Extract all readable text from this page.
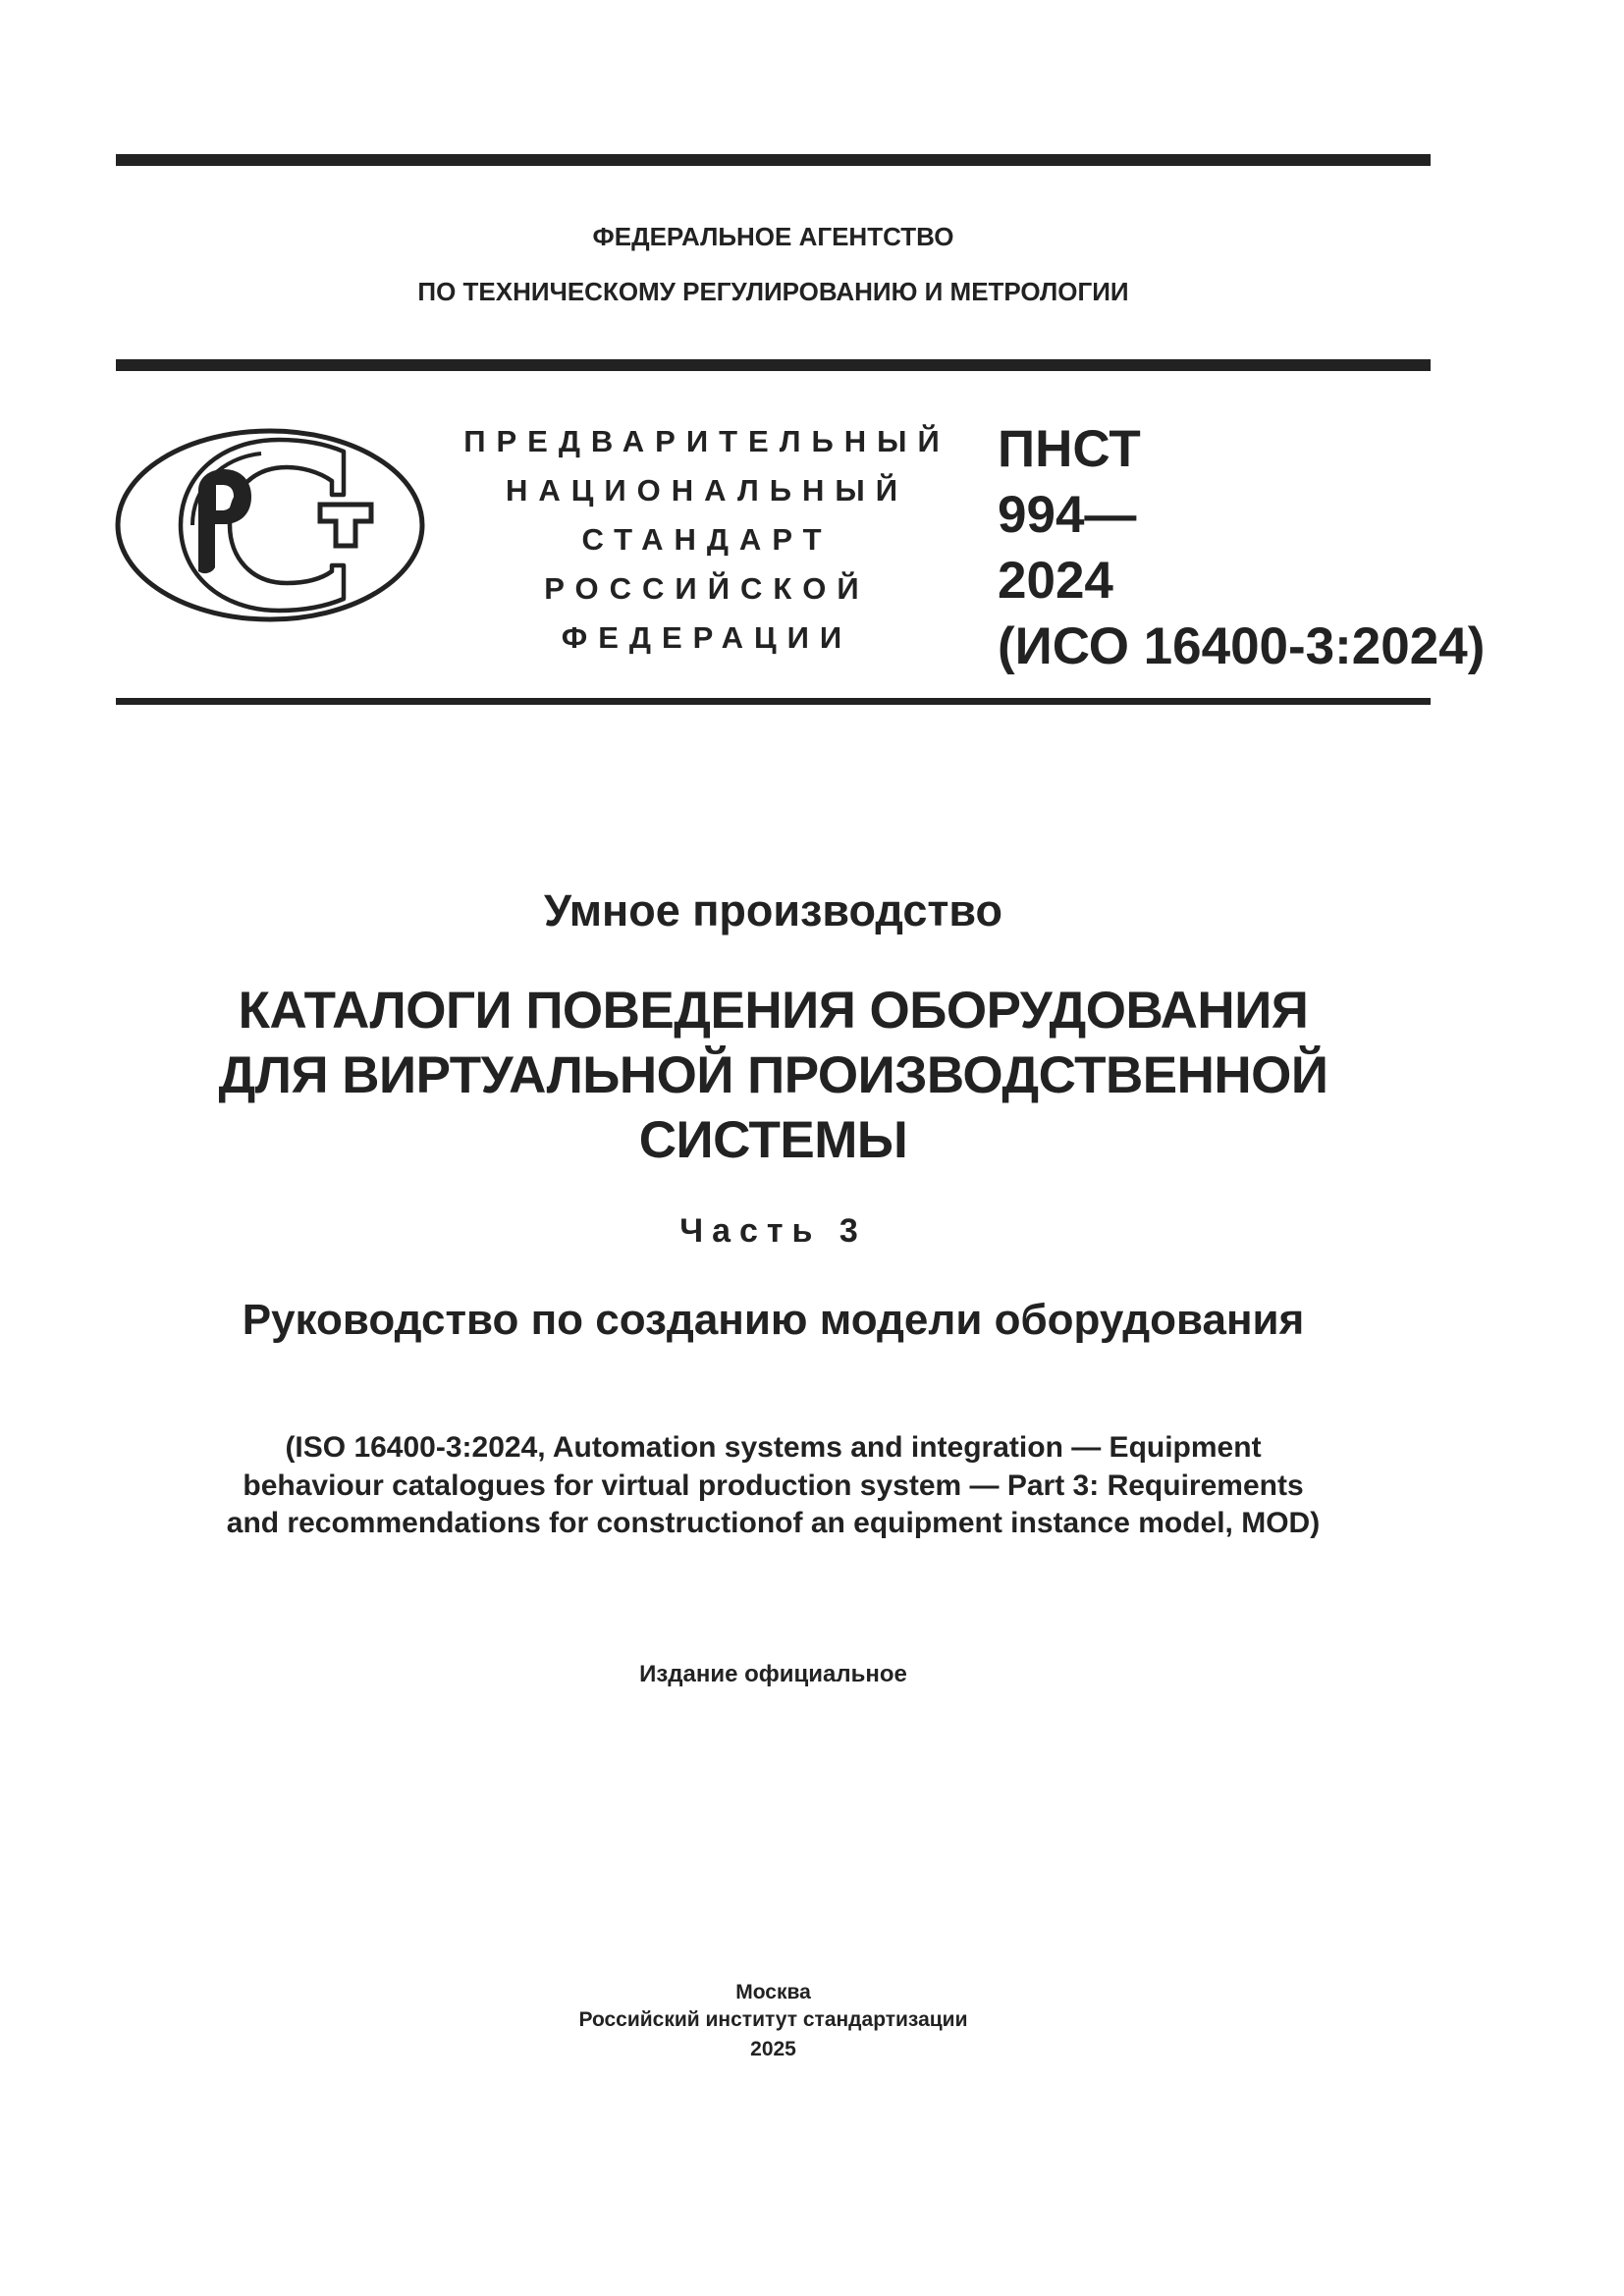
ФЕДЕРАЛЬНОЕ АГЕНТСТВО
ПО ТЕХНИЧЕСКОМУ РЕГУЛИРОВАНИЮ И МЕТРОЛОГИИ
ПРЕДВАРИТЕЛЬНЫЙ
НАЦИОНАЛЬНЫЙ
СТАНДАРТ
РОССИЙСКОЙ
ФЕДЕРАЦИИ
ПНСТ
994—
2024
(ИСО 16400-3:2024)
Умное производство
КАТАЛОГИ ПОВЕДЕНИЯ ОБОРУДОВАНИЯ
ДЛЯ ВИРТУАЛЬНОЙ ПРОИЗВОДСТВЕННОЙ
СИСТЕМЫ
Часть 3
Руководство по созданию модели оборудования
(ISO 16400-3:2024, Automation systems and integration — Equipment
behaviour catalogues for virtual production system — Part 3: Requirements
and recommendations for constructionof an equipment instance model, MOD)
Издание официальное
Москва
Российский институт стандартизации
2025
